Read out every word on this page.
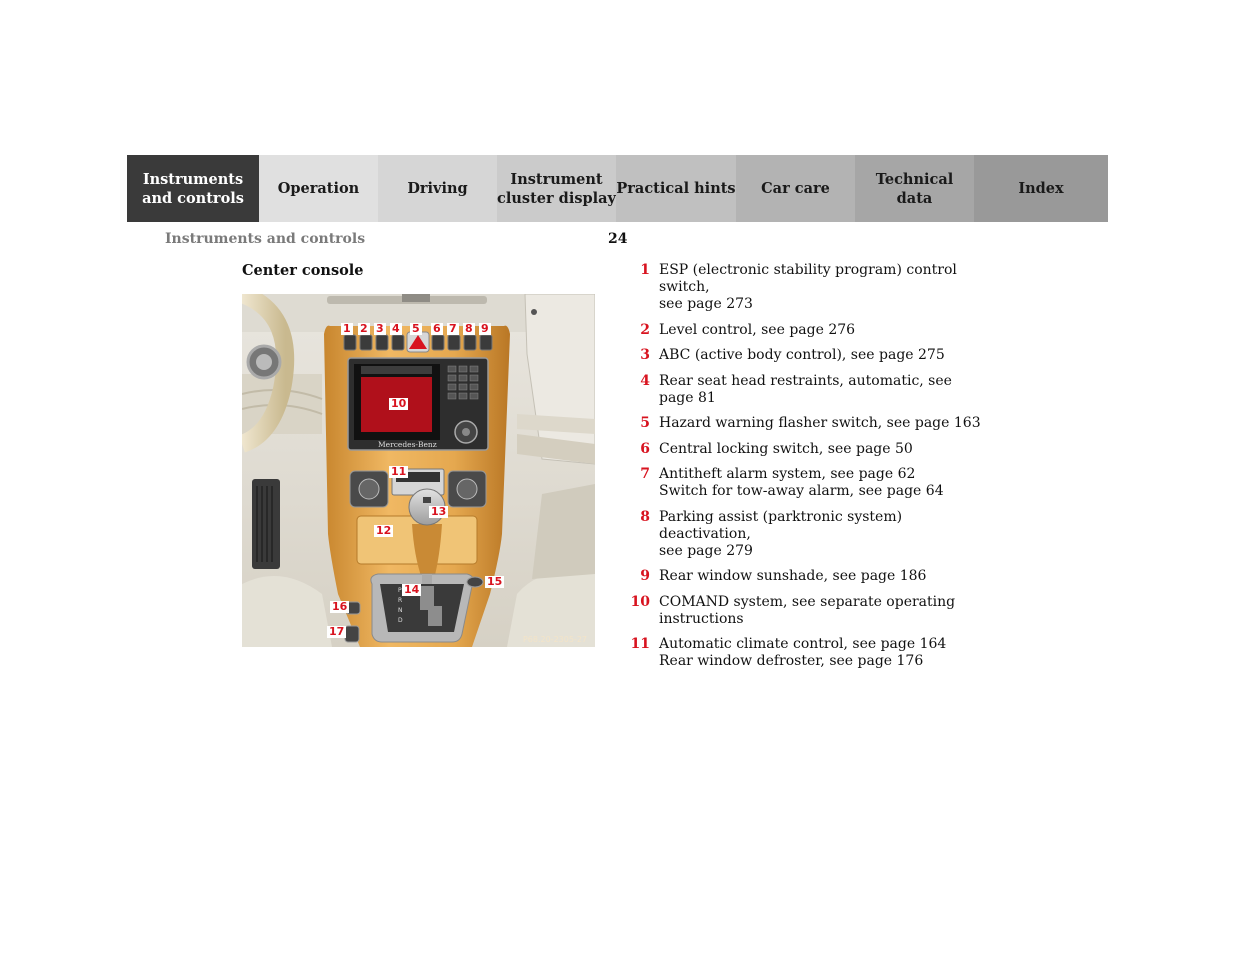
Instruments
and controls
Operation	Driving
Instrument
cluster display
Practical hints Car care
Technical
data
Index
Instruments and controls	24
Center console
Mercedes-Benz
P
R
N
D
1 2 3 4 5 6 7 8 9
10
11
12
13
14
15
16
17
P68.20-2305-27
1 ESP (electronic stability program) control switch,
see page 273
2 Level control, see page 276
3 ABC (active body control), see page 275
4 Rear seat head restraints, automatic, see page 81
5 Hazard warning flasher switch, see page 163
6 Central locking switch, see page 50
7 Antitheft alarm system, see page 62
Switch for tow-away alarm, see page 64
8 Parking assist (parktronic system) deactivation,
see page 279
9 Rear window sunshade, see page 186
10 COMAND system, see separate operating
instructions
11 Automatic climate control, see page 164
Rear window defroster, see page 176
